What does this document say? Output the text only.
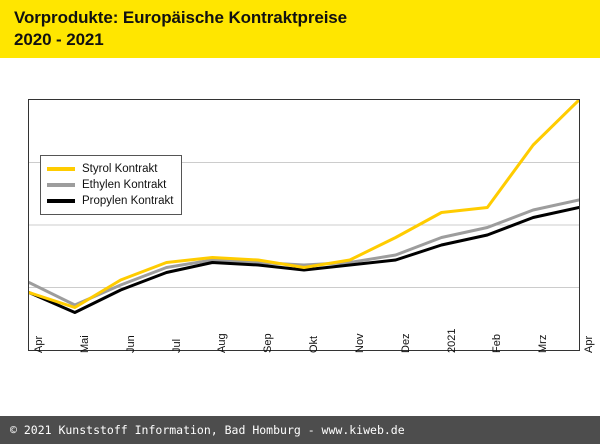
Vorprodukte: Europäische Kontraktpreise
2020 - 2021
Apr	Mai	Jun	Jul	Aug	Sep	Okt	Nov	Dez	2021	Feb	Mrz	Apr
Styrol Kontrakt
Ethylen Kontrakt
Propylen Kontrakt
© 2021 Kunststoff Information, Bad Homburg - www.kiweb.de
